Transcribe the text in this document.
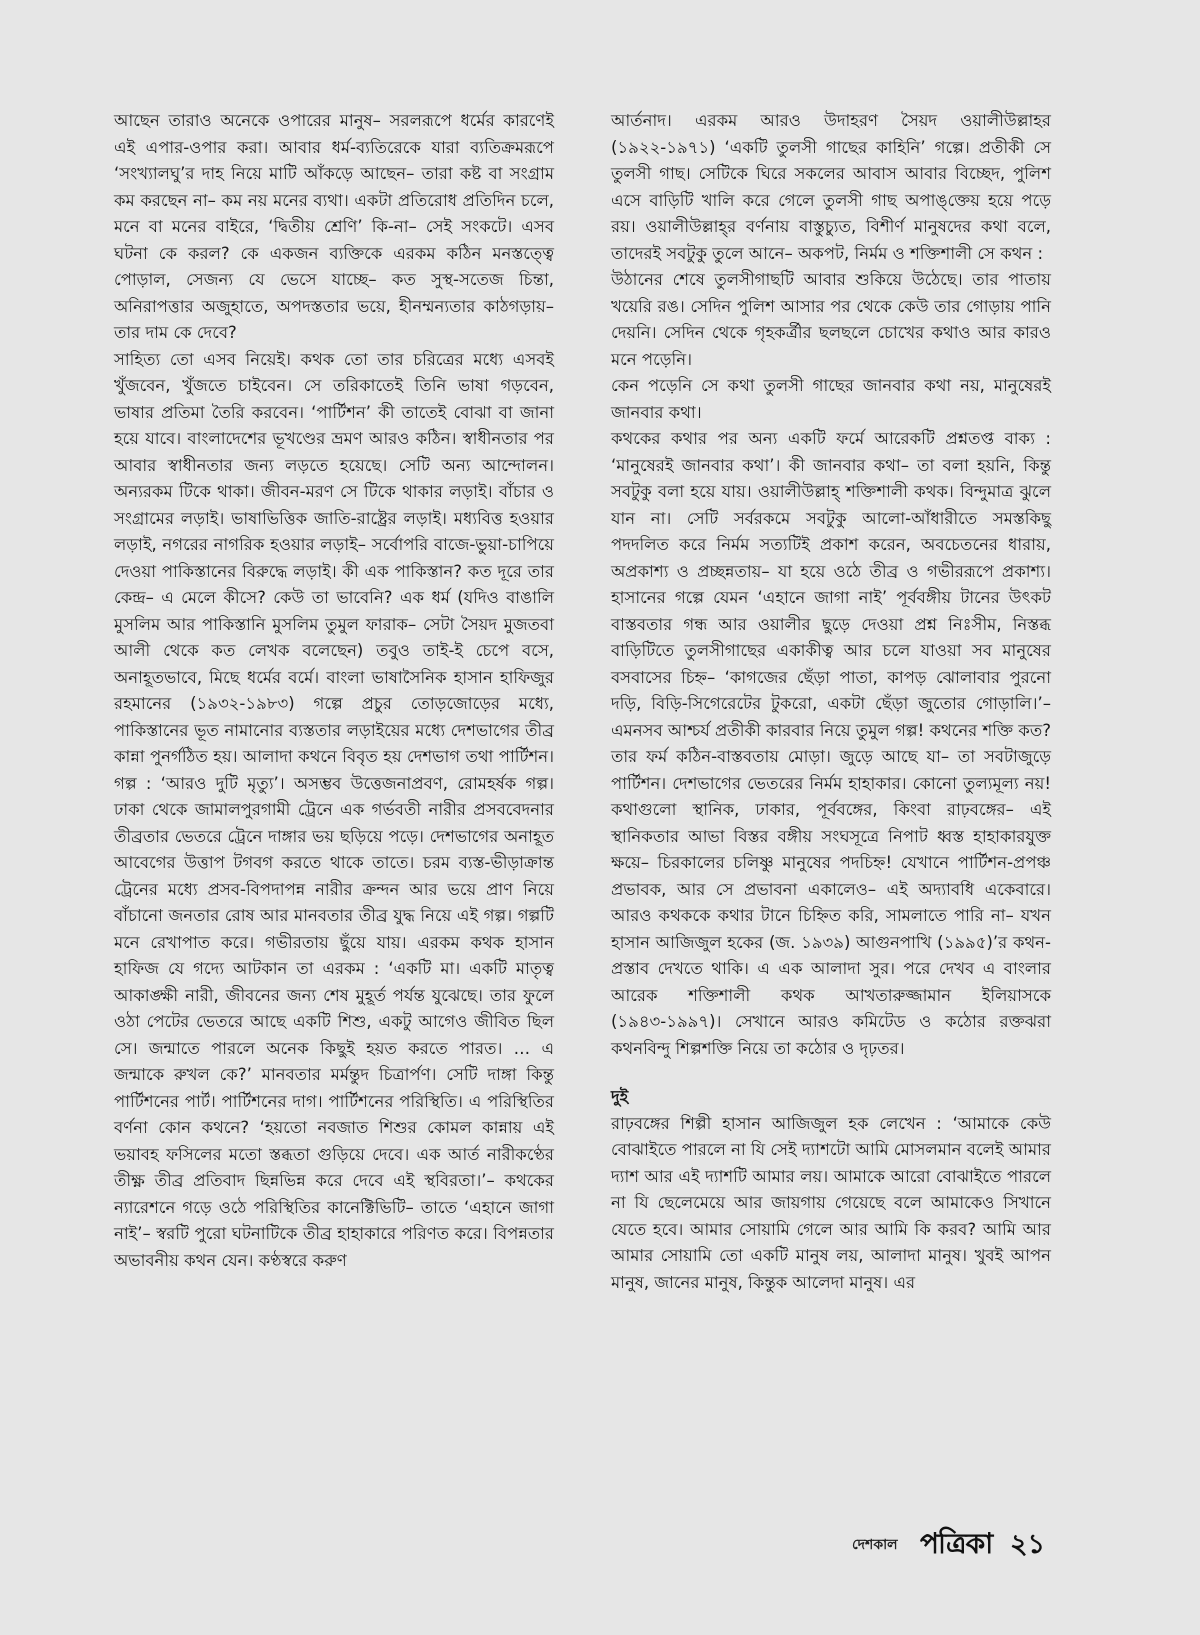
আছেন তারাও অনেকে ওপারের মানুষ– সরলরূপে ধর্মের কারণেই এই এপার-ওপার করা। আবার ধর্ম-ব্যতিরেকে যারা ব্যতিক্রমরূপে ‘সংখ্যালঘু’র দাহ নিয়ে মাটি আঁকড়ে আছেন– তারা কষ্ট বা সংগ্রাম কম করছেন না– কম নয় মনের ব্যথা। একটা প্রতিরোধ প্রতিদিন চলে, মনে বা মনের বাইরে, ‘দ্বিতীয় শ্রেণি’ কি-না– সেই সংকটে। এসব ঘটনা কে করল? কে একজন ব্যক্তিকে এরকম কঠিন মনস্তত্ত্বে পোড়াল, সেজন্য যে ভেসে যাচ্ছে– কত সুস্থ-সতেজ চিন্তা, অনিরাপত্তার অজুহাতে, অপদস্ততার ভয়ে, হীনম্মন্যতার কাঠগড়ায়– তার দাম কে দেবে?

সাহিত্য তো এসব নিয়েই। কথক তো তার চরিত্রের মধ্যে এসবই খুঁজবেন, খুঁজতে চাইবেন। সে তরিকাতেই তিনি ভাষা গড়বেন, ভাষার প্রতিমা তৈরি করবেন। ‘পার্টিশন’ কী তাতেই বোঝা বা জানা হয়ে যাবে। বাংলাদেশের ভূখণ্ডের ভ্রমণ আরও কঠিন। স্বাধীনতার পর আবার স্বাধীনতার জন্য লড়তে হয়েছে। সেটি অন্য আন্দোলন। অন্যরকম টিকে থাকা। জীবন-মরণ সে টিকে থাকার লড়াই। বাঁচার ও সংগ্রামের লড়াই। ভাষাভিত্তিক জাতি-রাষ্ট্রের লড়াই। মধ্যবিত্ত হওয়ার লড়াই, নগরের নাগরিক হওয়ার লড়াই– সর্বোপরি বাজে-ভুয়া-চাপিয়ে দেওয়া পাকিস্তানের বিরুদ্ধে লড়াই। কী এক পাকিস্তান? কত দূরে তার কেন্দ্র– এ মেলে কীসে? কেউ তা ভাবেনি? এক ধর্ম (যদিও বাঙালি মুসলিম আর পাকিস্তানি মুসলিম তুমুল ফারাক– সেটা সৈয়দ মুজতবা আলী থেকে কত লেখক বলেছেন) তবুও তাই-ই চেপে বসে, অনাহূতভাবে, মিছে ধর্মের বর্মে। বাংলা ভাষাসৈনিক হাসান হাফিজুর রহমানের (১৯৩২-১৯৮৩) গল্পে প্রচুর তোড়জোড়ের মধ্যে, পাকিস্তানের ভূত নামানোর ব্যস্ততার লড়াইয়ের মধ্যে দেশভাগের তীব্র কান্না পুনর্গঠিত হয়। আলাদা কথনে বিবৃত হয় দেশভাগ তথা পার্টিশন। গল্প : ‘আরও দুটি মৃত্যু’। অসম্ভব উত্তেজনাপ্রবণ, রোমহর্ষক গল্প। ঢাকা থেকে জামালপুরগামী ট্রেনে এক গর্ভবতী নারীর প্রসববেদনার তীব্রতার ভেতরে ট্রেনে দাঙ্গার ভয় ছড়িয়ে পড়ে। দেশভাগের অনাহূত আবেগের উত্তাপ টগবগ করতে থাকে তাতে। চরম ব্যস্ত-ভীড়াক্রান্ত ট্রেনের মধ্যে প্রসব-বিপদাপন্ন নারীর ক্রন্দন আর ভয়ে প্রাণ নিয়ে বাঁচানো জনতার রোষ আর মানবতার তীব্র যুদ্ধ নিয়ে এই গল্প। গল্পটি মনে রেখাপাত করে। গভীরতায় ছুঁয়ে যায়। এরকম কথক হাসান হাফিজ যে গদ্যে আটকান তা এরকম : ‘একটি মা। একটি মাতৃত্ব আকাঙ্ক্ষী নারী, জীবনের জন্য শেষ মুহূর্ত পর্যন্ত যুঝেছে। তার ফুলে ওঠা পেটের ভেতরে আছে একটি শিশু, একটু আগেও জীবিত ছিল সে। জন্মাতে পারলে অনেক কিছুই হয়ত করতে পারত। … এ জন্মাকে রুখল কে?’ মানবতার মর্মন্তুদ চিত্রার্পণ। সেটি দাঙ্গা কিন্তু পার্টিশনের পার্ট। পার্টিশনের দাগ। পার্টিশনের পরিস্থিতি। এ পরিস্থিতির বর্ণনা কোন কথনে? ‘হয়তো নবজাত শিশুর কোমল কান্নায় এই ভয়াবহ ফসিলের মতো স্তব্ধতা গুড়িয়ে দেবে। এক আর্ত নারীকণ্ঠের তীক্ষ্ণ তীব্র প্রতিবাদ ছিন্নভিন্ন করে দেবে এই স্থবিরতা।’– কথকের ন্যারেশনে গড়ে ওঠে পরিস্থিতির কানেক্টিভিটি– তাতে ‘এহানে জাগা নাই’– স্বরটি পুরো ঘটনাটিকে তীব্র হাহাকারে পরিণত করে। বিপন্নতার অভাবনীয় কথন যেন। কণ্ঠস্বরে করুণ

আর্তনাদ। এরকম আরও উদাহরণ সৈয়দ ওয়ালীউল্লাহর (১৯২২-১৯৭১) ‘একটি তুলসী গাছের কাহিনি’ গল্পে। প্রতীকী সে তুলসী গাছ। সেটিকে ঘিরে সকলের আবাস আবার বিচ্ছেদ, পুলিশ এসে বাড়িটি খালি করে গেলে তুলসী গাছ অপাঙ্‌ক্তেয় হয়ে পড়ে রয়। ওয়ালীউল্লাহ্‌র বর্ণনায় বাস্তুচ্যুত, বিশীর্ণ মানুষদের কথা বলে, তাদেরই সবটুকু তুলে আনে– অকপট, নির্মম ও শক্তিশালী সে কথন :

উঠানের শেষে তুলসীগাছটি আবার শুকিয়ে উঠেছে। তার পাতায় খয়েরি রঙ। সেদিন পুলিশ আসার পর থেকে কেউ তার গোড়ায় পানি দেয়নি। সেদিন থেকে গৃহকর্ত্রীর ছলছলে চোখের কথাও আর কারও মনে পড়েনি।

কেন পড়েনি সে কথা তুলসী গাছের জানবার কথা নয়, মানুষেরই জানবার কথা।

কথকের কথার পর অন্য একটি ফর্মে আরেকটি প্রশ্নতপ্ত বাক্য : ‘মানুষেরই জানবার কথা’। কী জানবার কথা– তা বলা হয়নি, কিন্তু সবটুকু বলা হয়ে যায়। ওয়ালীউল্লাহ্‌ শক্তিশালী কথক। বিন্দুমাত্র ঝুলে যান না। সেটি সর্বরকমে সবটুকু আলো-আঁধারীতে সমস্তকিছু পদদলিত করে নির্মম সত্যটিই প্রকাশ করেন, অবচেতনের ধারায়, অপ্রকাশ্য ও প্রচ্ছন্নতায়– যা হয়ে ওঠে তীব্র ও গভীররূপে প্রকাশ্য। হাসানের গল্পে যেমন ‘এহানে জাগা নাই’ পূর্ববঙ্গীয় টানের উৎকট বাস্তবতার গন্ধ আর ওয়ালীর ছুড়ে দেওয়া প্রশ্ন নিঃসীম, নিস্তব্ধ বাড়িটিতে তুলসীগাছের একাকীত্ব আর চলে যাওয়া সব মানুষের বসবাসের চিহ্ন– ‘কাগজের ছেঁড়া পাতা, কাপড় ঝোলাবার পুরনো দড়ি, বিড়ি-সিগেরেটের টুকরো, একটা ছেঁড়া জুতোর গোড়ালি।’– এমনসব আশ্চর্য প্রতীকী কারবার নিয়ে তুমুল গল্প! কথনের শক্তি কত? তার ফর্ম কঠিন-বাস্তবতায় মোড়া। জুড়ে আছে যা– তা সবটাজুড়ে পার্টিশন। দেশভাগের ভেতরের নির্মম হাহাকার। কোনো তুল্যমূল্য নয়! কথাগুলো স্থানিক, ঢাকার, পূর্ববঙ্গের, কিংবা রাঢ়বঙ্গের– এই স্থানিকতার আভা বিস্তর বঙ্গীয় সংঘসূত্রে নিপাট ধ্বস্ত হাহাকারযুক্ত ক্ষয়ে– চিরকালের চলিষ্ণু মানুষের পদচিহ্ন! যেখানে পার্টিশন-প্রপঞ্চ প্রভাবক, আর সে প্রভাবনা একালেও– এই অদ্যাবধি একেবারে। আরও কথককে কথার টানে চিহ্নিত করি, সামলাতে পারি না– যখন হাসান আজিজুল হকের (জ. ১৯৩৯) আগুনপাখি (১৯৯৫)’র কথন-প্রস্তাব দেখতে থাকি। এ এক আলাদা সুর। পরে দেখব এ বাংলার আরেক শক্তিশালী কথক আখতারুজ্জামান ইলিয়াসকে (১৯৪৩-১৯৯৭)। সেখানে আরও কমিটেড ও কঠোর রক্তঝরা কথনবিন্দু শিল্পশক্তি নিয়ে তা কঠোর ও দৃঢ়তর।

দুই

রাঢ়বঙ্গের শিল্পী হাসান আজিজুল হক লেখেন : ‘আমাকে কেউ বোঝাইতে পারলে না যি সেই দ্যাশটো আমি মোসলমান বলেই আমার দ্যাশ আর এই দ্যাশটি আমার লয়। আমাকে আরো বোঝাইতে পারলে না যি ছেলেমেয়ে আর জায়গায় গেয়েছে বলে আমাকেও সিখানে যেতে হবে। আমার সোয়ামি গেলে আর আমি কি করব? আমি আর আমার সোয়ামি তো একটি মানুষ লয়, আলাদা মানুষ। খুবই আপন মানুষ, জানের মানুষ, কিন্তুক আলেদা মানুষ। এর

দেশকাল পত্রিকা ২১
